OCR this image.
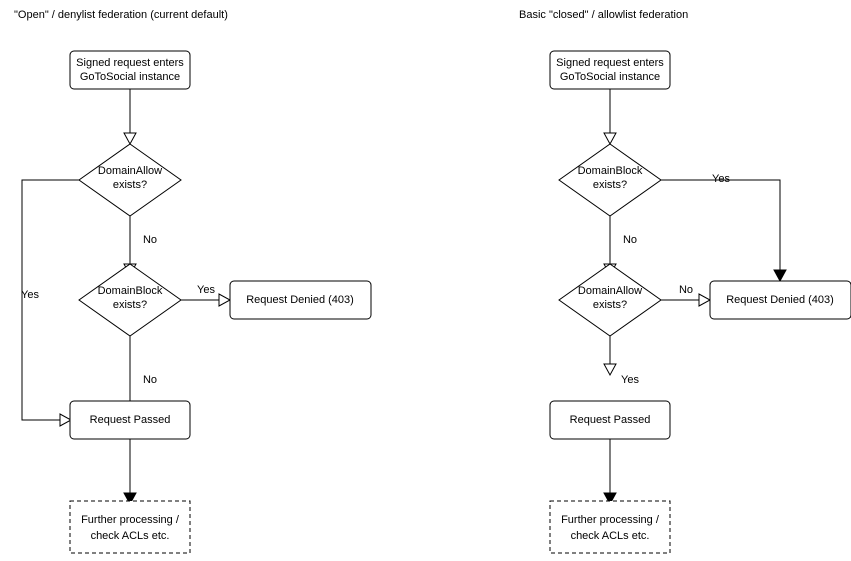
"Open" / denylist federation (current default)	Basic "closed" / allowlist federation
Signed request enters
GoToSocial instance
DomainAllow
exists?
Yes
No
DomainBlock
exists?
Yes
Request Denied (403)
No
Request Passed
Further processing /
check ACLs etc.
Signed request enters
GoToSocial instance
DomainBlock
exists?	Yes
No
DomainAllow
exists?
No
Request Denied (403)
Yes
Request Passed
Further processing /
check ACLs etc.
